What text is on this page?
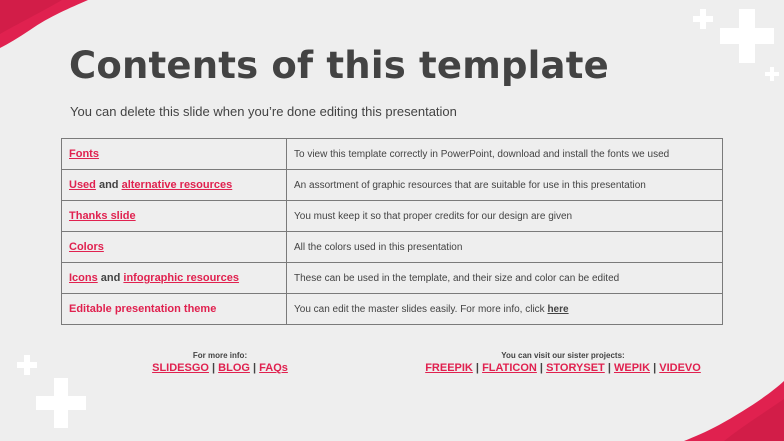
Contents of this template

You can delete this slide when you’re done editing this presentation

Fonts	To view this template correctly in PowerPoint, download and install the fonts we used
Used and alternative resources	An assortment of graphic resources that are suitable for use in this presentation
Thanks slide	You must keep it so that proper credits for our design are given
Colors	All the colors used in this presentation
Icons and infographic resources	These can be used in the template, and their size and color can be edited
Editable presentation theme	You can edit the master slides easily. For more info, click here
For more info:
SLIDESGO | BLOG | FAQs
You can visit our sister projects:
FREEPIK | FLATICON | STORYSET | WEPIK | VIDEVO
